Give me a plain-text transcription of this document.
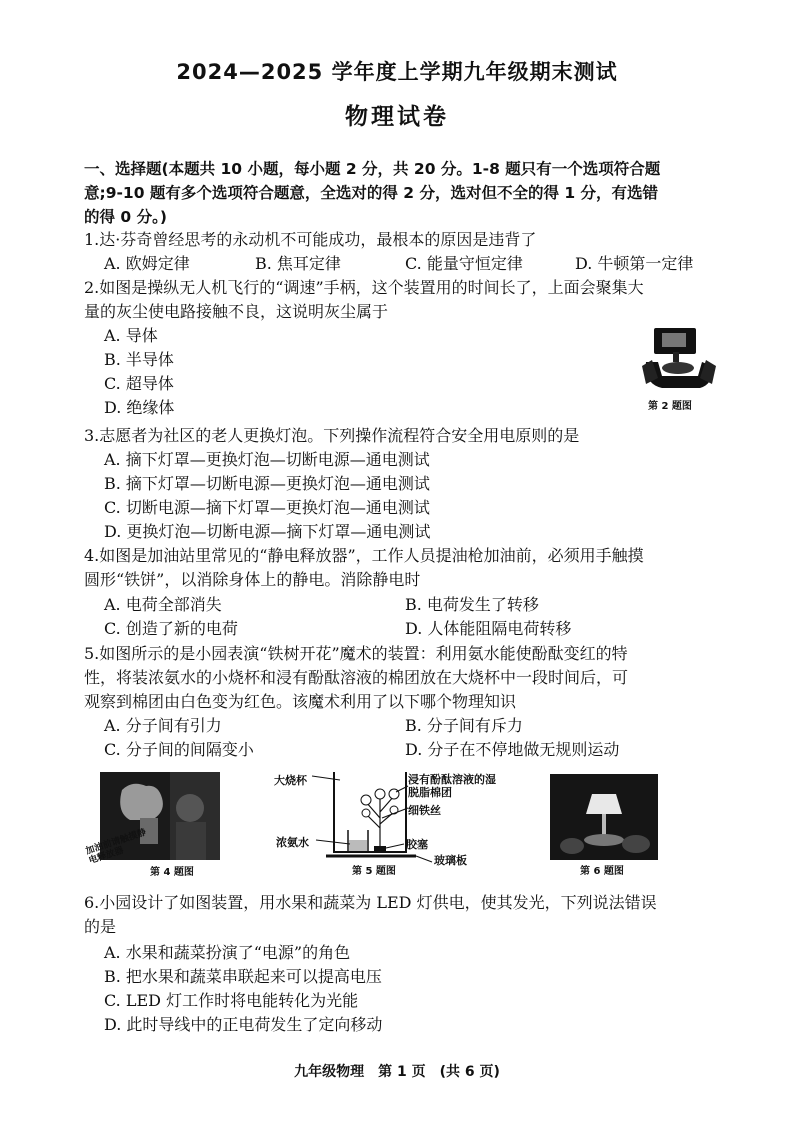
2024—2025 学年度上学期九年级期末测试
物理试卷
一、选择题(本题共 10 小题，每小题 2 分，共 20 分。1-8 题只有一个选项符合题
意;9-10 题有多个选项符合题意，全选对的得 2 分，选对但不全的得 1 分，有选错
的得 0 分。)
1.达·芬奇曾经思考的永动机不可能成功，最根本的原因是违背了
A. 欧姆定律	B. 焦耳定律	C. 能量守恒定律	D. 牛顿第一定律
2.如图是操纵无人机飞行的“调速”手柄，这个装置用的时间长了，上面会聚集大
量的灰尘使电路接触不良，这说明灰尘属于
A. 导体
B. 半导体
C. 超导体
D. 绝缘体	第 2 题图
3.志愿者为社区的老人更换灯泡。下列操作流程符合安全用电原则的是
A. 摘下灯罩—更换灯泡—切断电源—通电测试
B. 摘下灯罩—切断电源—更换灯泡—通电测试
C. 切断电源—摘下灯罩—更换灯泡—通电测试
D. 更换灯泡—切断电源—摘下灯罩—通电测试
4.如图是加油站里常见的“静电释放器”，工作人员提油枪加油前，必须用手触摸
圆形“铁饼”，以消除身体上的静电。消除静电时
A. 电荷全部消失	B. 电荷发生了转移
C. 创造了新的电荷	D. 人体能阻隔电荷转移
5.如图所示的是小园表演“铁树开花”魔术的装置：利用氨水能使酚酞变红的特
性，将装浓氨水的小烧杯和浸有酚酞溶液的棉团放在大烧杯中一段时间后，可
观察到棉团由白色变为红色。该魔术利用了以下哪个物理知识
A. 分子间有引力	B. 分子间有斥力
C. 分子间的间隔变小	D. 分子在不停地做无规则运动
加油前请触摸静电释放器
第 4 题图
大烧杯	浸有酚酞溶液的湿脱脂棉团
细铁丝
浓氨水	胶塞
玻璃板
第 5 题图	第 6 题图
6.小园设计了如图装置，用水果和蔬菜为 LED 灯供电，使其发光，下列说法错误
的是
A. 水果和蔬菜扮演了“电源”的角色
B. 把水果和蔬菜串联起来可以提高电压
C. LED 灯工作时将电能转化为光能
D. 此时导线中的正电荷发生了定向移动
九年级物理　第 1 页　(共 6 页)
